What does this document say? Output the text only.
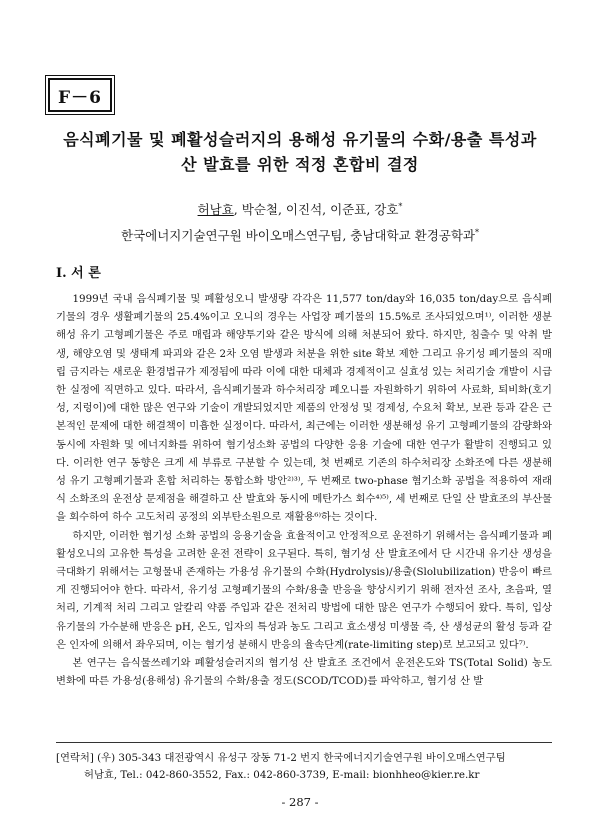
F－6
음식폐기물 및 폐활성슬러지의 용해성 유기물의 수화/용출 특성과
산 발효를 위한 적정 혼합비 결정
허남효, 박순철, 이진석, 이준표, 강호*
한국에너지기술연구원 바이오매스연구팀, 충남대학교 환경공학과*
I. 서 론

1999년 국내 음식폐기물 및 폐활성오니 발생량 각각은 11,577 ton/day와 16,035 ton/day으로 음식폐기물의 경우 생활폐기물의 25.4%이고 오니의 경우는 사업장 폐기물의 15.5%로 조사되었으며¹⁾, 이러한 생분해성 유기 고형폐기물은 주로 매립과 해양투기와 같은 방식에 의해 처분되어 왔다. 하지만, 침출수 및 악취 발생, 해양오염 및 생태계 파괴와 같은 2차 오염 발생과 처분을 위한 site 확보 제한 그리고 유기성 폐기물의 직매립 금지라는 새로운 환경법규가 제정됨에 따라 이에 대한 대체과 경제적이고 실효성 있는 처리기술 개발이 시급한 실정에 직면하고 있다. 따라서, 음식폐기물과 하수처리장 폐오니를 자원화하기 위하여 사료화, 퇴비화(호기성, 지렁이)에 대한 많은 연구와 기술이 개발되었지만 제품의 안정성 및 경제성, 수요처 확보, 보관 등과 같은 근본적인 문제에 대한 해결책이 미흡한 실정이다. 따라서, 최근에는 이러한 생분해성 유기 고형폐기물의 감량화와 동시에 자원화 및 에너지화를 위하여 혐기성소화 공법의 다양한 응용 기술에 대한 연구가 활발히 진행되고 있다. 이러한 연구 동향은 크게 세 부류로 구분할 수 있는데, 첫 번째로 기존의 하수처리장 소화조에 다른 생분해성 유기 고형폐기물과 혼합 처리하는 통합소화 방안²⁾³⁾, 두 번째로 two-phase 혐기소화 공법을 적용하여 재래식 소화조의 운전상 문제점을 해결하고 산 발효와 동시에 메탄가스 회수⁴⁾⁵⁾, 세 번째로 단일 산 발효조의 부산물을 회수하여 하수 고도처리 공정의 외부탄소원으로 재활용⁶⁾하는 것이다.

하지만, 이러한 혐기성 소화 공법의 응용기술을 효율적이고 안정적으로 운전하기 위해서는 음식폐기물과 폐활성오니의 고유한 특성을 고려한 운전 전략이 요구된다. 특히, 혐기성 산 발효조에서 단 시간내 유기산 생성을 극대화기 위해서는 고형물내 존재하는 가용성 유기물의 수화(Hydrolysis)/용출(Slolubilization) 반응이 빠르게 진행되어야 한다. 따라서, 유기성 고형폐기물의 수화/용출 반응을 향상시키기 위해 전자선 조사, 초음파, 열처리, 기계적 처리 그리고 알칼리 약품 주입과 같은 전처리 방법에 대한 많은 연구가 수행되어 왔다. 특히, 입상 유기물의 가수분해 반응은 pH, 온도, 입자의 특성과 농도 그리고 효소생성 미생물 즉, 산 생성균의 활성 등과 같은 인자에 의해서 좌우되며, 이는 혐기성 분해시 반응의 율속단계(rate-limiting step)로 보고되고 있다⁷⁾.

본 연구는 음식물쓰레기와 폐활성슬러지의 혐기성 산 발효조 조건에서 운전온도와 TS(Total Solid) 농도 변화에 따른 가용성(용해성) 유기물의 수화/용출 정도(SCOD/TCOD)를 파악하고, 혐기성 산 발

[연락처] (우) 305-343 대전광역시 유성구 장동 71-2 번지 한국에너지기술연구원 바이오매스연구팀
허남효, Tel.: 042-860-3552, Fax.: 042-860-3739, E-mail: bionhheo@kier.re.kr
- 287 -
